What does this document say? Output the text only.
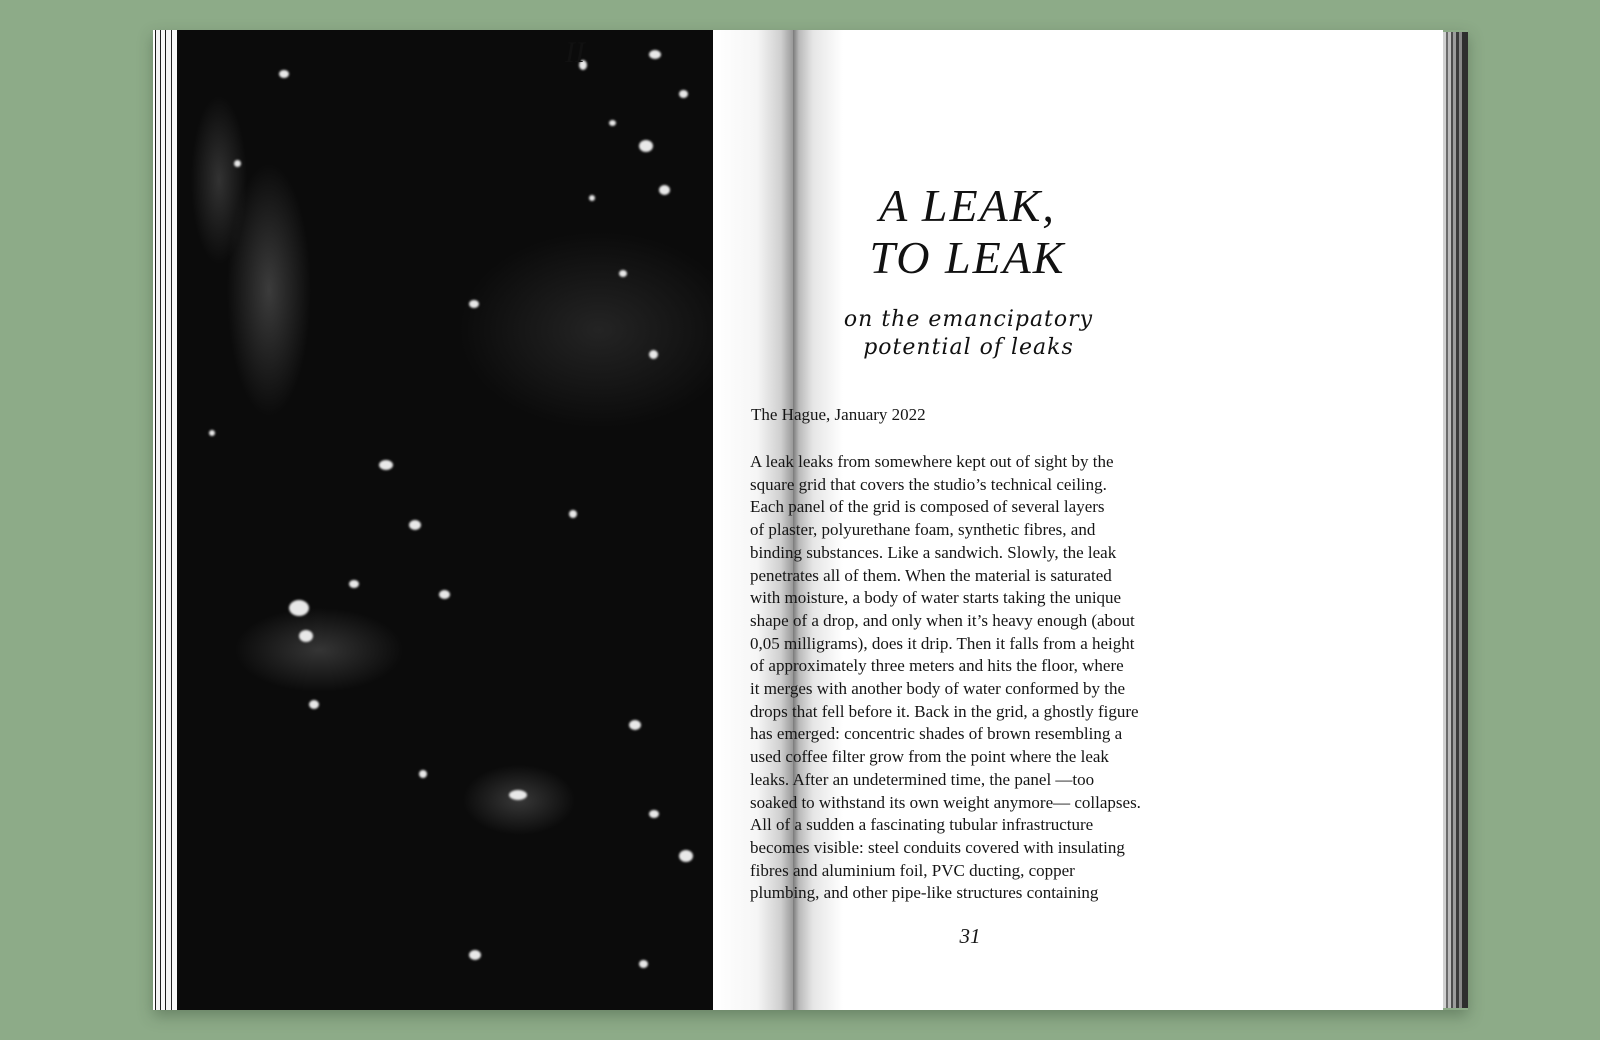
II
A LEAK,
TO LEAK
on the emancipatory
potential of leaks
The Hague, January 2022

A leak leaks from somewhere kept out of sight by the
square grid that covers the studio’s technical ceiling.
Each panel of the grid is composed of several layers
of plaster, polyurethane foam, synthetic fibres, and
binding substances. Like a sandwich. Slowly, the leak
penetrates all of them. When the material is saturated
with moisture, a body of water starts taking the unique
shape of a drop, and only when it’s heavy enough (about
0,05 milligrams), does it drip. Then it falls from a height
of approximately three meters and hits the floor, where
it merges with another body of water conformed by the
drops that fell before it. Back in the grid, a ghostly figure
has emerged: concentric shades of brown resembling a
used coffee filter grow from the point where the leak
leaks. After an undetermined time, the panel —too
soaked to withstand its own weight anymore— collapses.
All of a sudden a fascinating tubular infrastructure
becomes visible: steel conduits covered with insulating
fibres and aluminium foil, PVC ducting, copper
plumbing, and other pipe-like structures containing

31
